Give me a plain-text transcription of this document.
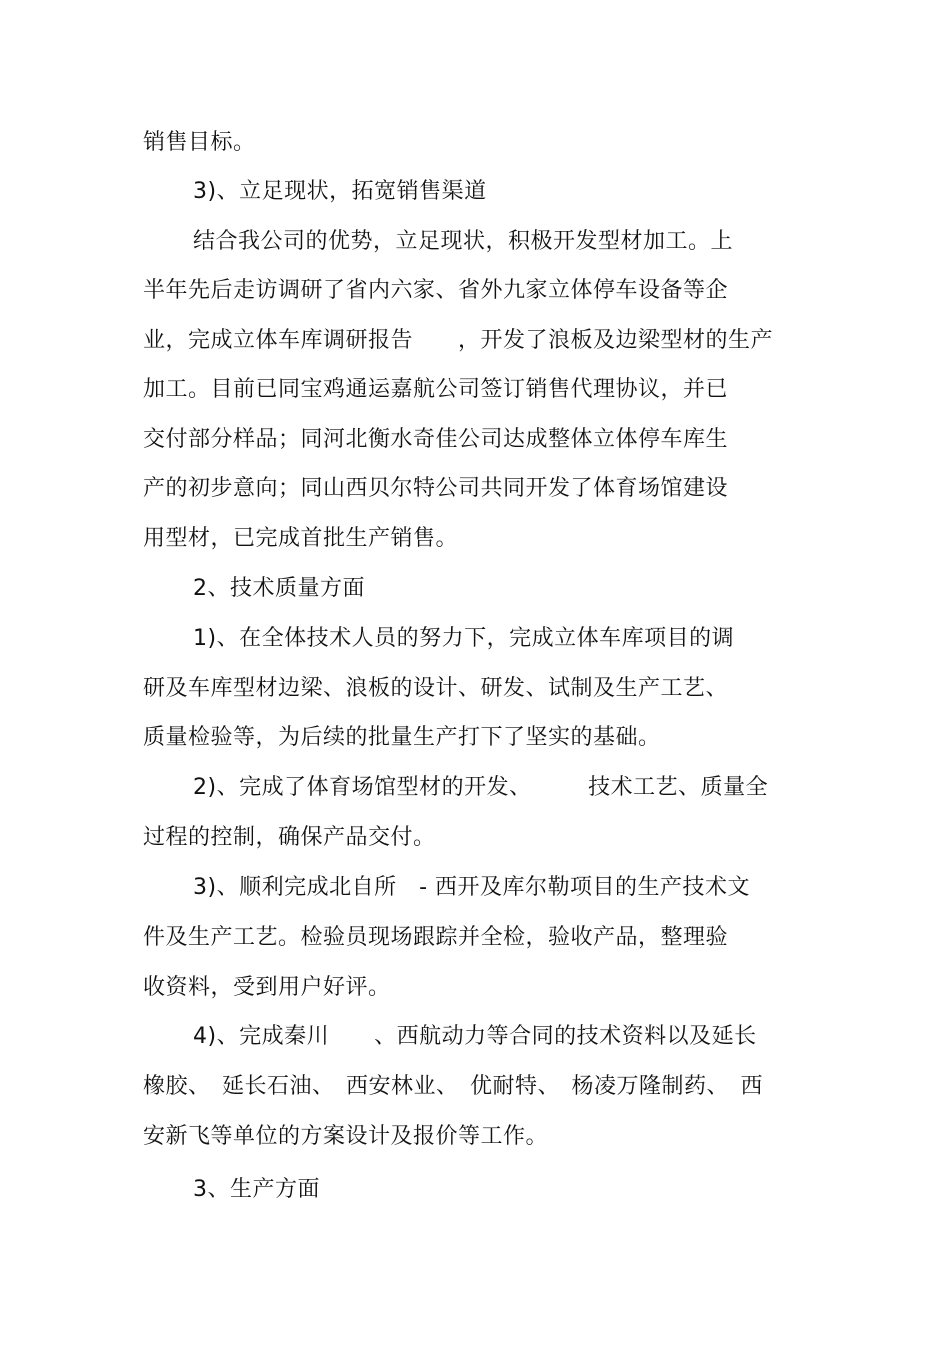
销售目标。
3)、立足现状，拓宽销售渠道
结合我公司的优势，立足现状，积极开发型材加工。上
半年先后走访调研了省内六家、省外九家立体停车设备等企
业，完成立体车库调研报告　　，开发了浪板及边梁型材的生产
加工。目前已同宝鸡通运嘉航公司签订销售代理协议，并已
交付部分样品；同河北衡水奇佳公司达成整体立体停车库生
产的初步意向；同山西贝尔特公司共同开发了体育场馆建设
用型材，已完成首批生产销售。
2、技术质量方面
1)、在全体技术人员的努力下，完成立体车库项目的调
研及车库型材边梁、浪板的设计、研发、试制及生产工艺、
质量检验等，为后续的批量生产打下了坚实的基础。
2)、完成了体育场馆型材的开发、　　　技术工艺、质量全
过程的控制，确保产品交付。
3)、顺利完成北自所　- 西开及库尔勒项目的生产技术文
件及生产工艺。检验员现场跟踪并全检，验收产品，整理验
收资料，受到用户好评。
4)、完成秦川　　、西航动力等合同的技术资料以及延长
橡胶、　延长石油、　西安林业、　优耐特、　杨凌万隆制药、　西
安新飞等单位的方案设计及报价等工作。
3、生产方面
